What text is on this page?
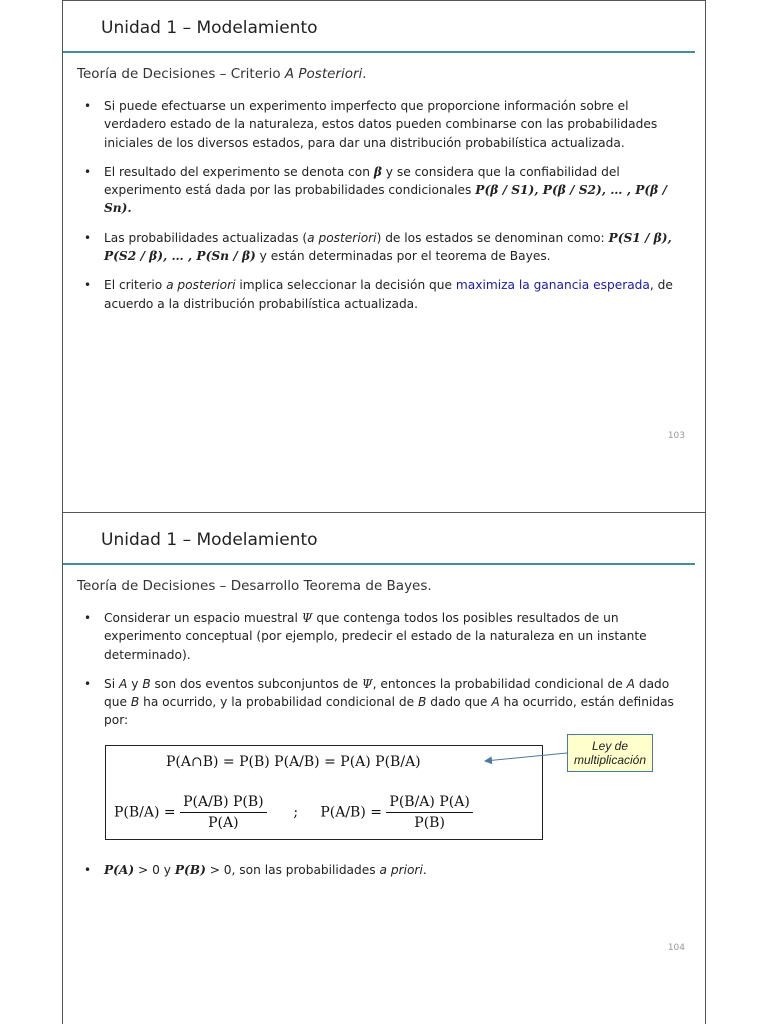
Unidad 1 – Modelamiento
Teoría de Decisiones – Criterio A Posteriori.
• Si puede efectuarse un experimento imperfecto que proporcione información sobre el verdadero estado de la naturaleza, estos datos pueden combinarse con las probabilidades iniciales de los diversos estados, para dar una distribución probabilística actualizada.
• El resultado del experimento se denota con β y se considera que la confiabilidad del experimento está dada por las probabilidades condicionales P(β / S1), P(β / S2), … , P(β / Sn).
• Las probabilidades actualizadas (a posteriori) de los estados se denominan como: P(S1 / β),
P(S2 / β), … , P(Sn / β) y están determinadas por el teorema de Bayes.
• El criterio a posteriori implica seleccionar la decisión que maximiza la ganancia esperada, de acuerdo a la distribución probabilística actualizada.
103
Unidad 1 – Modelamiento
Teoría de Decisiones – Desarrollo Teorema de Bayes.
• Considerar un espacio muestral Ψ que contenga todos los posibles resultados de un experimento conceptual (por ejemplo, predecir el estado de la naturaleza en un instante determinado).
• Si A y B son dos eventos subconjuntos de Ψ, entonces la probabilidad condicional de A dado que B ha ocurrido, y la probabilidad condicional de B dado que A ha ocurrido, están definidas por:
P(A∩B) = P(B) P(A/B) = P(A) P(B/A)
$P(B/A) = \frac{P(A/B) P(B)}{P(A)}$ ; $P(A/B) = \frac{P(B/A) P(A)}{P(B)}$
Ley de multiplicación
• P(A) > 0 y P(B) > 0, son las probabilidades a priori.
104
